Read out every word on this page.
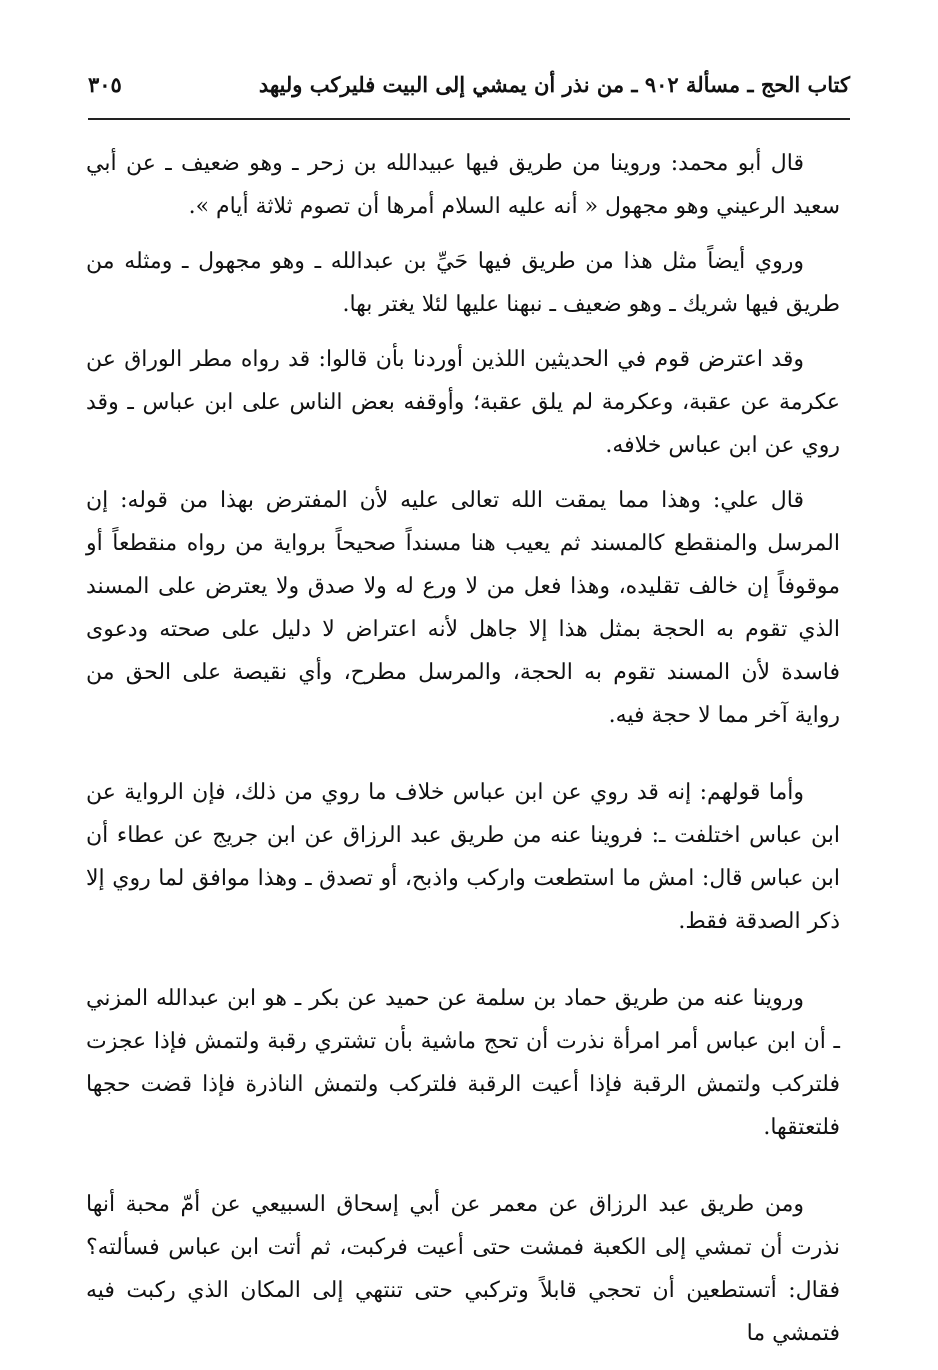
كتاب الحج ـ مسألة ٩٠٢ ـ من نذر أن يمشي إلى البيت فليركب وليهد
٣٠٥

قال أبو محمد: وروينا من طريق فيها عبيدالله بن زحر ـ وهو ضعيف ـ عن أبي سعيد الرعيني وهو مجهول « أنه عليه السلام أمرها أن تصوم ثلاثة أيام ».

وروي أيضاً مثل هذا من طريق فيها حَيِّ بن عبدالله ـ وهو مجهول ـ ومثله من طريق فيها شريك ـ وهو ضعيف ـ نبهنا عليها لئلا يغتر بها.

وقد اعترض قوم في الحديثين اللذين أوردنا بأن قالوا: قد رواه مطر الوراق عن عكرمة عن عقبة، وعكرمة لم يلق عقبة؛ وأوقفه بعض الناس على ابن عباس ـ وقد روي عن ابن عباس خلافه.

قال علي: وهذا مما يمقت الله تعالى عليه لأن المفترض بهذا من قوله: إن المرسل والمنقطع كالمسند ثم يعيب هنا مسنداً صحيحاً برواية من رواه منقطعاً أو موقوفاً إن خالف تقليده، وهذا فعل من لا ورع له ولا صدق ولا يعترض على المسند الذي تقوم به الحجة بمثل هذا إلا جاهل لأنه اعتراض لا دليل على صحته ودعوى فاسدة لأن المسند تقوم به الحجة، والمرسل مطرح، وأي نقيصة على الحق من رواية آخر مما لا حجة فيه.

وأما قولهم: إنه قد روي عن ابن عباس خلاف ما روي من ذلك، فإن الرواية عن ابن عباس اختلفت ـ: فروينا عنه من طريق عبد الرزاق عن ابن جريج عن عطاء أن ابن عباس قال: امش ما استطعت واركب واذبح، أو تصدق ـ وهذا موافق لما روي إلا ذكر الصدقة فقط.

وروينا عنه من طريق حماد بن سلمة عن حميد عن بكر ـ هو ابن عبدالله المزني ـ أن ابن عباس أمر امرأة نذرت أن تحج ماشية بأن تشتري رقبة ولتمش فإذا عجزت فلتركب ولتمش الرقبة فإذا أعيت الرقبة فلتركب ولتمش الناذرة فإذا قضت حجها فلتعتقها.

ومن طريق عبد الرزاق عن معمر عن أبي إسحاق السبيعي عن أمّ محبة أنها نذرت أن تمشي إلى الكعبة فمشت حتى أعيت فركبت، ثم أتت ابن عباس فسألته؟ فقال: أتستطعين أن تحجي قابلاً وتركبي حتى تنتهي إلى المكان الذي ركبت فيه فتمشي ما
